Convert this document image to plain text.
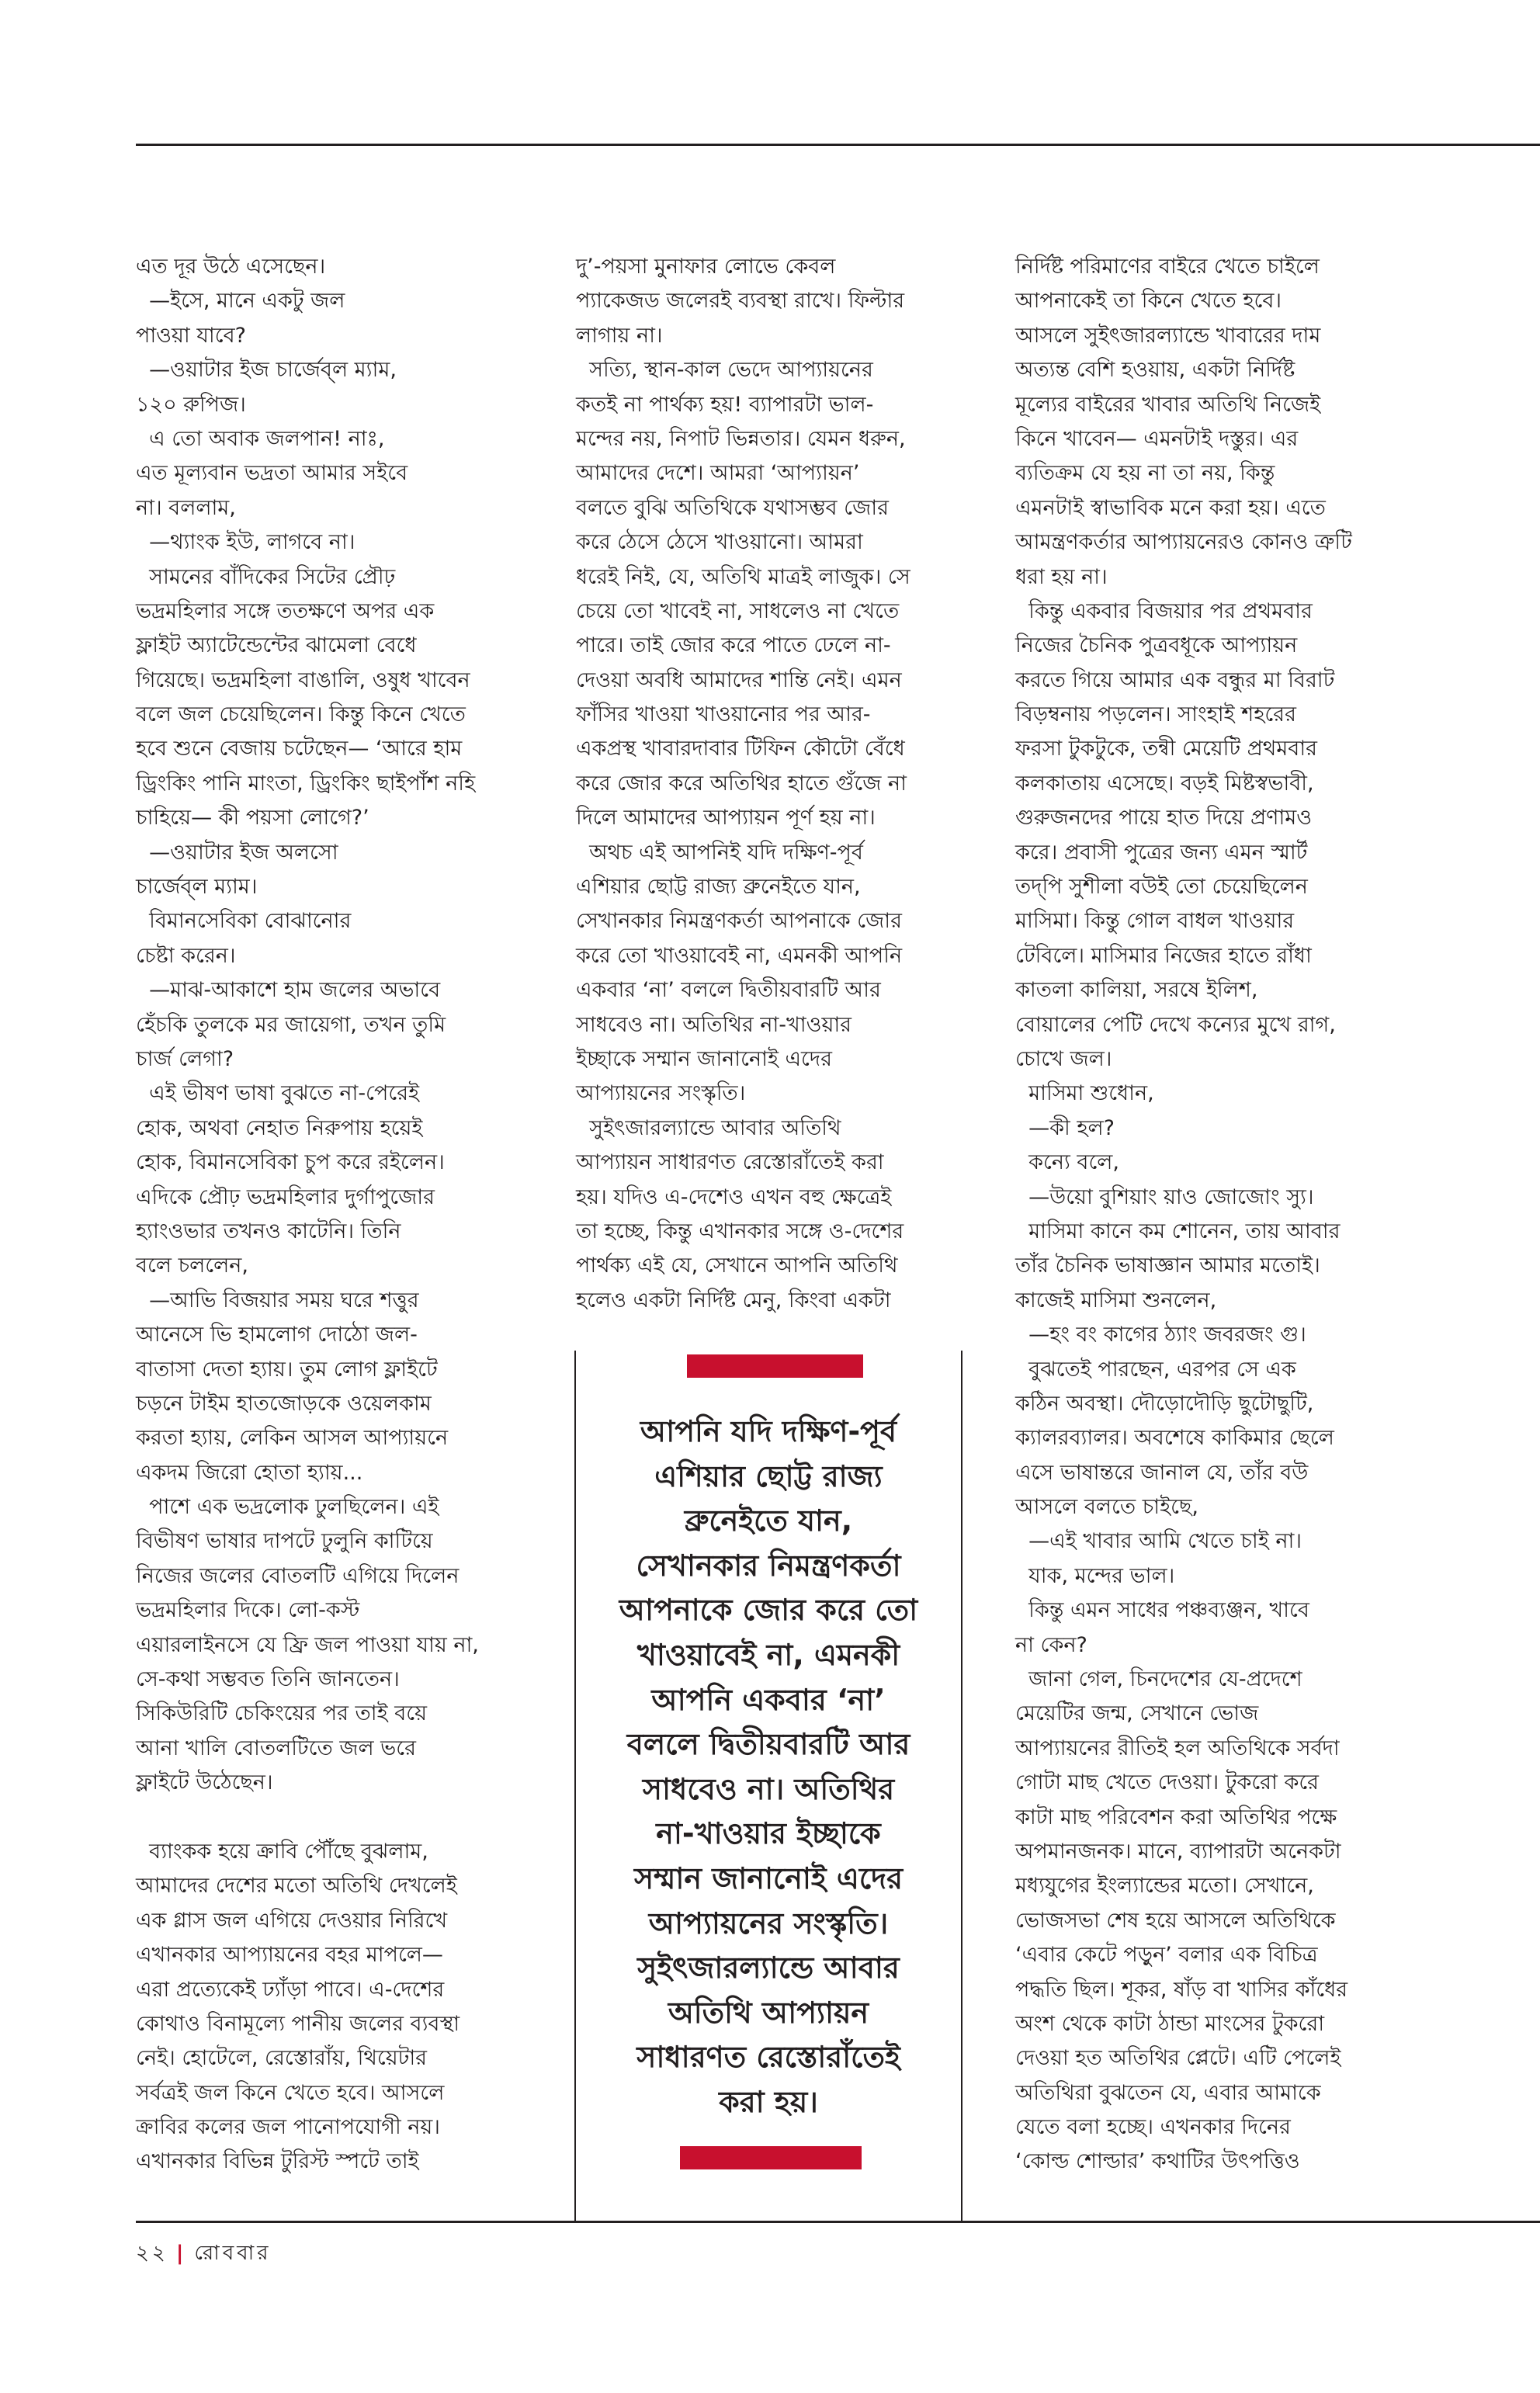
এত দূর উঠে এসেছেন।
—ইসে, মানে একটু জল
পাওয়া যাবে?
—ওয়াটার ইজ চার্জেব্‌ল ম্যাম,
১২০ রুপিজ।
এ তো অবাক জলপান! নাঃ,
এত মূল্যবান ভদ্রতা আমার সইবে
না। বললাম,
—থ্যাংক ইউ, লাগবে না।
সামনের বাঁদিকের সিটের প্রৌঢ়
ভদ্রমহিলার সঙ্গে ততক্ষণে অপর এক
ফ্লাইট অ্যাটেন্ডেন্টের ঝামেলা বেধে
গিয়েছে। ভদ্রমহিলা বাঙালি, ওষুধ খাবেন
বলে জল চেয়েছিলেন। কিন্তু কিনে খেতে
হবে শুনে বেজায় চটেছেন— ‘আরে হাম
ড্রিংকিং পানি মাংতা, ড্রিংকিং ছাইপাঁশ নহি
চাহিয়ে— কী পয়সা লোগে?’
—ওয়াটার ইজ অলসো
চার্জেব্‌ল ম্যাম।
বিমানসেবিকা বোঝানোর
চেষ্টা করেন।
—মাঝ-আকাশে হাম জলের অভাবে
হেঁচকি তুলকে মর জায়েগা, তখন তুমি
চার্জ লেগা?
এই ভীষণ ভাষা বুঝতে না-পেরেই
হোক, অথবা নেহাত নিরুপায় হয়েই
হোক, বিমানসেবিকা চুপ করে রইলেন।
এদিকে প্রৌঢ় ভদ্রমহিলার দুর্গাপুজোর
হ্যাংওভার তখনও কাটেনি। তিনি
বলে চললেন,
—আভি বিজয়ার সময় ঘরে শত্তুর
আনেসে ভি হামলোগ দোঠো জল-
বাতাসা দেতা হ্যায়। তুম লোগ ফ্লাইটে
চড়নে টাইম হাতজোড়কে ওয়েলকাম
করতা হ্যায়, লেকিন আসল আপ্যায়নে
একদম জিরো হোতা হ্যায়...
পাশে এক ভদ্রলোক ঢুলছিলেন। এই
বিভীষণ ভাষার দাপটে ঢুলুনি কাটিয়ে
নিজের জলের বোতলটি এগিয়ে দিলেন
ভদ্রমহিলার দিকে। লো-কস্ট
এয়ারলাইনসে যে ফ্রি জল পাওয়া যায় না,
সে-কথা সম্ভবত তিনি জানতেন।
সিকিউরিটি চেকিংয়ের পর তাই বয়ে
আনা খালি বোতলটিতে জল ভরে
ফ্লাইটে উঠেছেন।
ব্যাংকক হয়ে ক্রাবি পৌঁছে বুঝলাম,
আমাদের দেশের মতো অতিথি দেখলেই
এক গ্লাস জল এগিয়ে দেওয়ার নিরিখে
এখানকার আপ্যায়নের বহর মাপলে—
এরা প্রত্যেকেই ঢ্যাঁড়া পাবে। এ-দেশের
কোথাও বিনামূল্যে পানীয় জলের ব্যবস্থা
নেই। হোটেলে, রেস্তোরাঁয়, থিয়েটার
সর্বত্রই জল কিনে খেতে হবে। আসলে
ক্রাবির কলের জল পানোপযোগী নয়।
এখানকার বিভিন্ন টুরিস্ট স্পটে তাই
দু’-পয়সা মুনাফার লোভে কেবল
প্যাকেজড জলেরই ব্যবস্থা রাখে। ফিল্টার
লাগায় না।
সত্যি, স্থান-কাল ভেদে আপ্যায়নের
কতই না পার্থক্য হয়! ব্যাপারটা ভাল-
মন্দের নয়, নিপাট ভিন্নতার। যেমন ধরুন,
আমাদের দেশে। আমরা ‘আপ্যায়ন’
বলতে বুঝি অতিথিকে যথাসম্ভব জোর
করে ঠেসে ঠেসে খাওয়ানো। আমরা
ধরেই নিই, যে, অতিথি মাত্রই লাজুক। সে
চেয়ে তো খাবেই না, সাধলেও না খেতে
পারে। তাই জোর করে পাতে ঢেলে না-
দেওয়া অবধি আমাদের শান্তি নেই। এমন
ফাঁসির খাওয়া খাওয়ানোর পর আর-
একপ্রস্থ খাবারদাবার টিফিন কৌটো বেঁধে
করে জোর করে অতিথির হাতে গুঁজে না
দিলে আমাদের আপ্যায়ন পূর্ণ হয় না।
অথচ এই আপনিই যদি দক্ষিণ-পূর্ব
এশিয়ার ছোট্ট রাজ্য ব্রুনেইতে যান,
সেখানকার নিমন্ত্রণকর্তা আপনাকে জোর
করে তো খাওয়াবেই না, এমনকী আপনি
একবার ‘না’ বললে দ্বিতীয়বারটি আর
সাধবেও না। অতিথির না-খাওয়ার
ইচ্ছাকে সম্মান জানানোই এদের
আপ্যায়নের সংস্কৃতি।
সুইৎজারল্যান্ডে আবার অতিথি
আপ্যায়ন সাধারণত রেস্তোরাঁতেই করা
হয়। যদিও এ-দেশেও এখন বহু ক্ষেত্রেই
তা হচ্ছে, কিন্তু এখানকার সঙ্গে ও-দেশের
পার্থক্য এই যে, সেখানে আপনি অতিথি
হলেও একটা নির্দিষ্ট মেনু, কিংবা একটা
নির্দিষ্ট পরিমাণের বাইরে খেতে চাইলে
আপনাকেই তা কিনে খেতে হবে।
আসলে সুইৎজারল্যান্ডে খাবারের দাম
অত্যন্ত বেশি হওয়ায়, একটা নির্দিষ্ট
মূল্যের বাইরের খাবার অতিথি নিজেই
কিনে খাবেন— এমনটাই দস্তুর। এর
ব্যতিক্রম যে হয় না তা নয়, কিন্তু
এমনটাই স্বাভাবিক মনে করা হয়। এতে
আমন্ত্রণকর্তার আপ্যায়নেরও কোনও ত্রুটি
ধরা হয় না।
কিন্তু একবার বিজয়ার পর প্রথমবার
নিজের চৈনিক পুত্রবধূকে আপ্যায়ন
করতে গিয়ে আমার এক বন্ধুর মা বিরাট
বিড়ম্বনায় পড়লেন। সাংহাই শহরের
ফরসা টুকটুকে, তন্বী মেয়েটি প্রথমবার
কলকাতায় এসেছে। বড়ই মিষ্টস্বভাবী,
গুরুজনদের পায়ে হাত দিয়ে প্রণামও
করে। প্রবাসী পুত্রের জন্য এমন স্মার্ট
তদ্‌পি সুশীলা বউই তো চেয়েছিলেন
মাসিমা। কিন্তু গোল বাধল খাওয়ার
টেবিলে। মাসিমার নিজের হাতে রাঁধা
কাতলা কালিয়া, সরষে ইলিশ,
বোয়ালের পেটি দেখে কন্যের মুখে রাগ,
চোখে জল।
মাসিমা শুধোন,
—কী হল?
কন্যে বলে,
—উয়ো বুশিয়াং য়াও জোজোং স্যু।
মাসিমা কানে কম শোনেন, তায় আবার
তাঁর চৈনিক ভাষাজ্ঞান আমার মতোই।
কাজেই মাসিমা শুনলেন,
—হং বং কাগের ঠ্যাং জবরজং গু।
বুঝতেই পারছেন, এরপর সে এক
কঠিন অবস্থা। দৌড়োদৌড়ি ছুটোছুটি,
ক্যালরব্যালর। অবশেষে কাকিমার ছেলে
এসে ভাষান্তরে জানাল যে, তাঁর বউ
আসলে বলতে চাইছে,
—এই খাবার আমি খেতে চাই না।
যাক, মন্দের ভাল।
কিন্তু এমন সাধের পঞ্চব্যঞ্জন, খাবে
না কেন?
জানা গেল, চিনদেশের যে-প্রদেশে
মেয়েটির জন্ম, সেখানে ভোজ
আপ্যায়নের রীতিই হল অতিথিকে সর্বদা
গোটা মাছ খেতে দেওয়া। টুকরো করে
কাটা মাছ পরিবেশন করা অতিথির পক্ষে
অপমানজনক। মানে, ব্যাপারটা অনেকটা
মধ্যযুগের ইংল্যান্ডের মতো। সেখানে,
ভোজসভা শেষ হয়ে আসলে অতিথিকে
‘এবার কেটে পড়ুন’ বলার এক বিচিত্র
পদ্ধতি ছিল। শূকর, ষাঁড় বা খাসির কাঁধের
অংশ থেকে কাটা ঠান্ডা মাংসের টুকরো
দেওয়া হত অতিথির প্লেটে। এটি পেলেই
অতিথিরা বুঝতেন যে, এবার আমাকে
যেতে বলা হচ্ছে। এখনকার দিনের
‘কোল্ড শোল্ডার’ কথাটির উৎপত্তিও
আপনি যদি দক্ষিণ-পূর্ব
এশিয়ার ছোট্ট রাজ্য
ব্রুনেইতে যান,
সেখানকার নিমন্ত্রণকর্তা
আপনাকে জোর করে তো
খাওয়াবেই না, এমনকী
আপনি একবার ‘না’
বললে দ্বিতীয়বারটি আর
সাধবেও না। অতিথির
না-খাওয়ার ইচ্ছাকে
সম্মান জানানোই এদের
আপ্যায়নের সংস্কৃতি।
সুইৎজারল্যান্ডে আবার
অতিথি আপ্যায়ন
সাধারণত রেস্তোরাঁতেই
করা হয়।
২২ | রোববার
